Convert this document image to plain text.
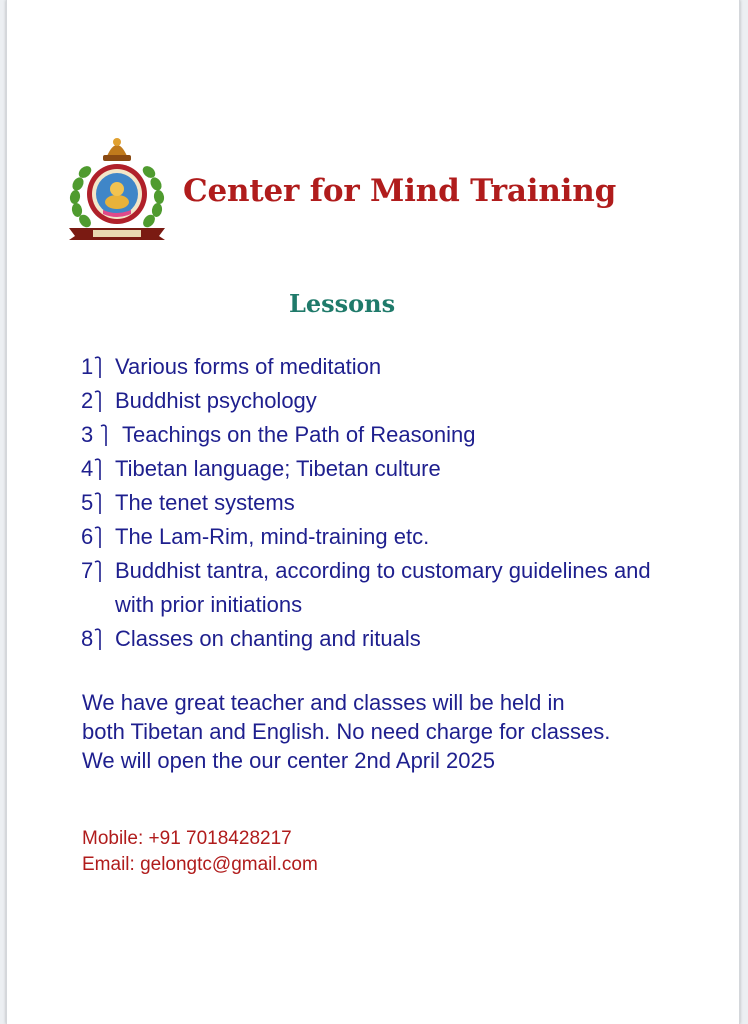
Center for Mind Training
Lessons
1 Various forms of meditation
2 Buddhist psychology
3 Teachings on the Path of Reasoning
4 Tibetan language; Tibetan culture
5 The tenet systems
6 The Lam-Rim, mind-training etc.
7 Buddhist tantra, according to customary guidelines and with prior initiations
8 Classes on chanting and rituals

We have great teacher and classes will be held in

both Tibetan and English. No need charge for classes.

We will open the our center 2nd April 2025

Mobile: +91 7018428217
Email: gelongtc@gmail.com
